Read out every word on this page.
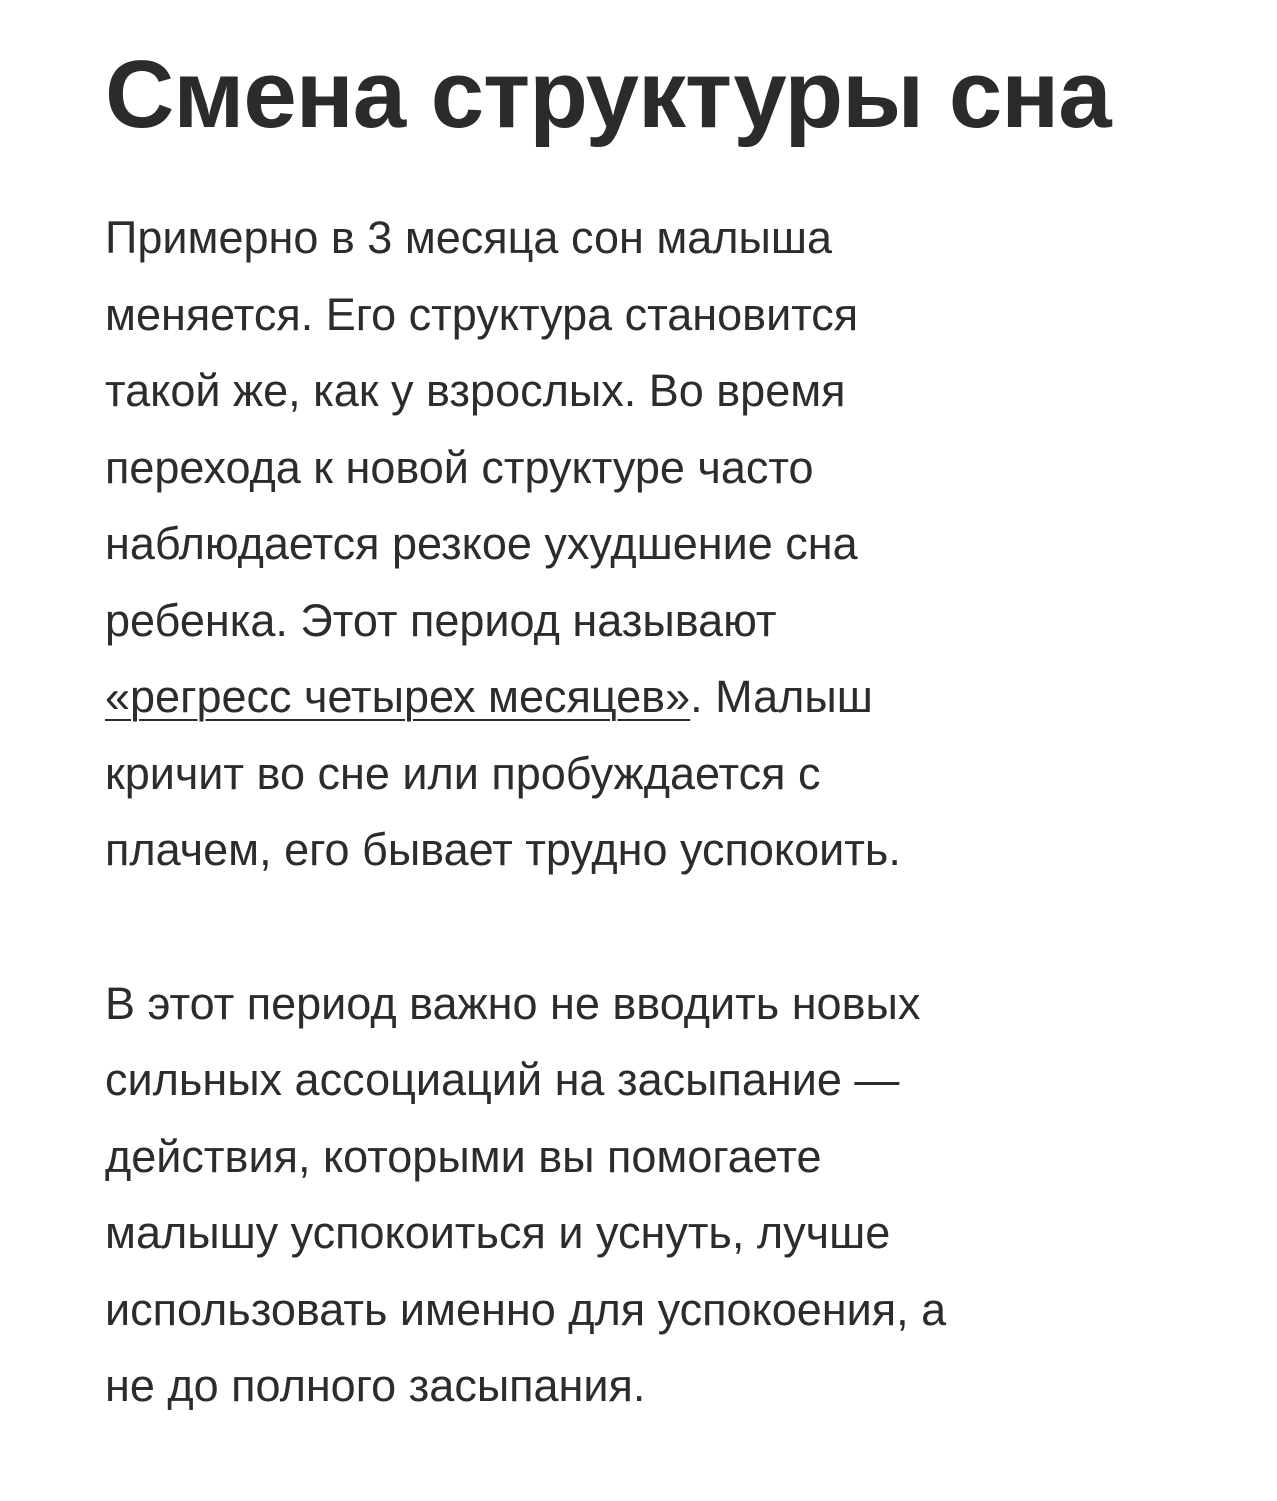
Смена структуры сна

Примерно в 3 месяца сон малыша
меняется. Его структура становится
такой же, как у взрослых. Во время
перехода к новой структуре часто
наблюдается резкое ухудшение сна
ребенка. Этот период называют
«регресс четырех месяцев». Малыш
кричит во сне или пробуждается с
плачем, его бывает трудно успокоить.

В этот период важно не вводить новых
сильных ассоциаций на засыпание —
действия, которыми вы помогаете
малышу успокоиться и уснуть, лучше
использовать именно для успокоения, а
не до полного засыпания.
